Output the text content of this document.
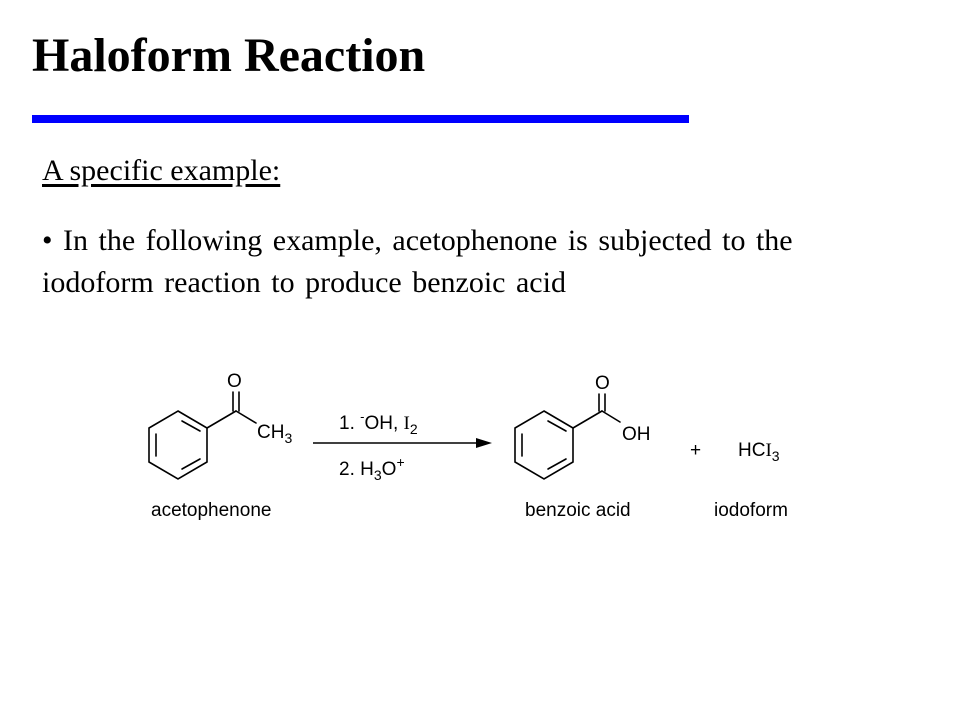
Haloform Reaction
A specific example:
• In the following example, acetophenone is subjected to the iodoform reaction to produce benzoic acid
O
$CH_3$
acetophenone
1. -OH, $I_2$
2. $H_3O^+$
O
OH
benzoic acid
+ $HCI_3$
iodoform
